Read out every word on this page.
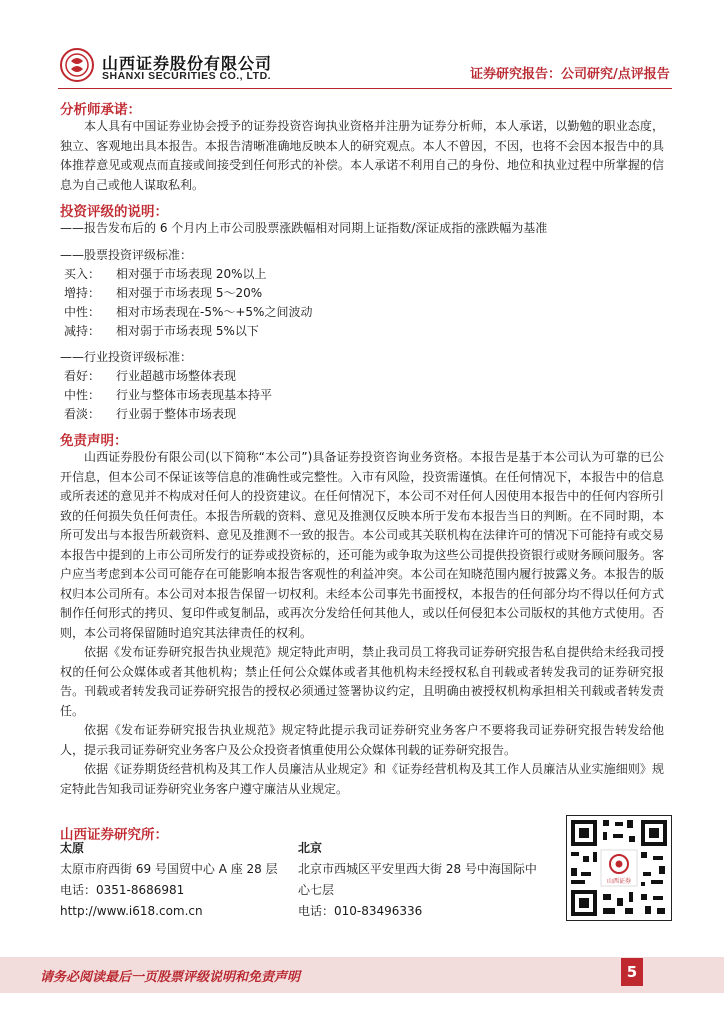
山西证券股份有限公司
SHANXI SECURITIES CO., LTD.	证券研究报告：公司研究/点评报告
分析师承诺：

本人具有中国证券业协会授予的证券投资咨询执业资格并注册为证券分析师，本人承诺，以勤勉的职业态度，独立、客观地出具本报告。本报告清晰准确地反映本人的研究观点。本人不曾因，不因，也将不会因本报告中的具体推荐意见或观点而直接或间接受到任何形式的补偿。本人承诺不利用自己的身份、地位和执业过程中所掌握的信息为自己或他人谋取私利。

投资评级的说明：
——报告发布后的 6 个月内上市公司股票涨跌幅相对同期上证指数/深证成指的涨跌幅为基准
——股票投资评级标准：
买入： 相对强于市场表现 20%以上
增持： 相对强于市场表现 5～20%
中性： 相对市场表现在-5%～+5%之间波动
减持： 相对弱于市场表现 5%以下
——行业投资评级标准：
看好： 行业超越市场整体表现
中性： 行业与整体市场表现基本持平
看淡： 行业弱于整体市场表现
免责声明：

山西证券股份有限公司(以下简称“本公司”)具备证券投资咨询业务资格。本报告是基于本公司认为可靠的已公开信息，但本公司不保证该等信息的准确性或完整性。入市有风险，投资需谨慎。在任何情况下，本报告中的信息或所表述的意见并不构成对任何人的投资建议。在任何情况下，本公司不对任何人因使用本报告中的任何内容所引致的任何损失负任何责任。本报告所载的资料、意见及推测仅反映本所于发布本报告当日的判断。在不同时期，本所可发出与本报告所载资料、意见及推测不一致的报告。本公司或其关联机构在法律许可的情况下可能持有或交易本报告中提到的上市公司所发行的证券或投资标的，还可能为或争取为这些公司提供投资银行或财务顾问服务。客户应当考虑到本公司可能存在可能影响本报告客观性的利益冲突。本公司在知晓范围内履行披露义务。本报告的版权归本公司所有。本公司对本报告保留一切权利。未经本公司事先书面授权，本报告的任何部分均不得以任何方式制作任何形式的拷贝、复印件或复制品，或再次分发给任何其他人，或以任何侵犯本公司版权的其他方式使用。否则，本公司将保留随时追究其法律责任的权利。

依据《发布证券研究报告执业规范》规定特此声明，禁止我司员工将我司证券研究报告私自提供给未经我司授权的任何公众媒体或者其他机构；禁止任何公众媒体或者其他机构未经授权私自刊载或者转发我司的证券研究报告。刊载或者转发我司证券研究报告的授权必须通过签署协议约定，且明确由被授权机构承担相关刊载或者转发责任。

依据《发布证券研究报告执业规范》规定特此提示我司证券研究业务客户不要将我司证券研究报告转发给他人，提示我司证券研究业务客户及公众投资者慎重使用公众媒体刊载的证券研究报告。

依据《证券期货经营机构及其工作人员廉洁从业规定》和《证券经营机构及其工作人员廉洁从业实施细则》规定特此告知我司证券研究业务客户遵守廉洁从业规定。

山西证券研究所：
太原
太原市府西街 69 号国贸中心 A 座 28 层
电话：0351-8686981
http://www.i618.com.cn
北京
北京市西城区平安里西大街 28 号中海国际中
心七层
电话：010-83496336
山西证券
请务必阅读最后一页股票评级说明和免责声明	5
